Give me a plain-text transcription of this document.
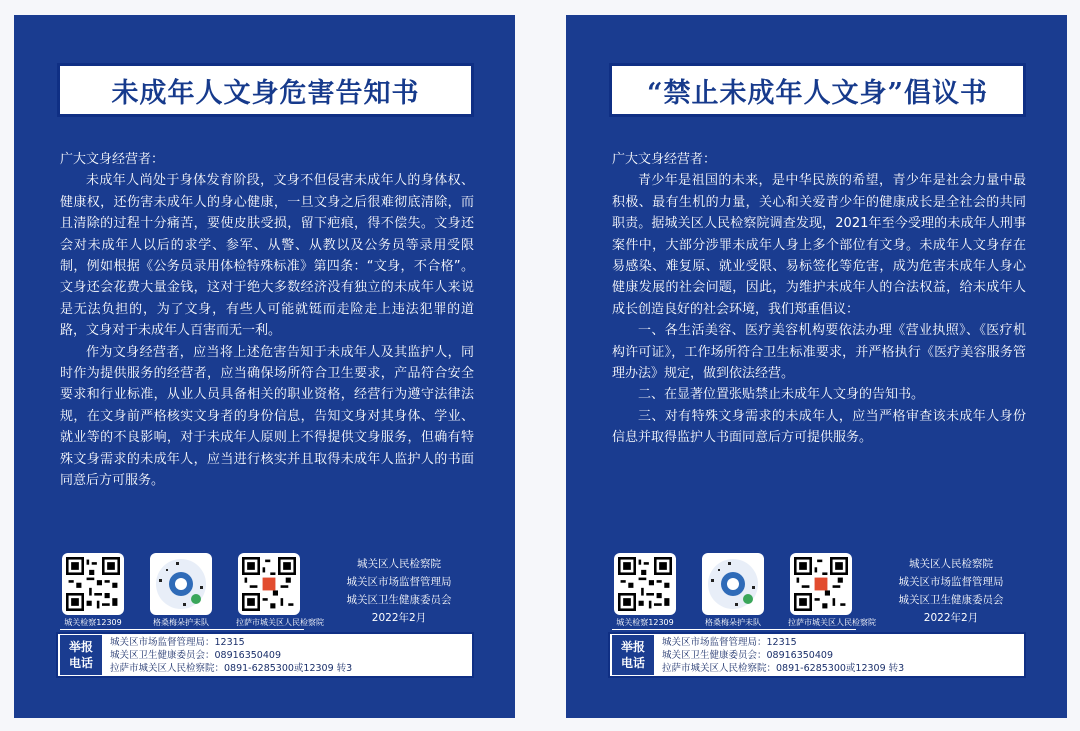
未成年人文身危害告知书

广大文身经营者：

未成年人尚处于身体发育阶段，文身不但侵害未成年人的身体权、健康权，还伤害未成年人的身心健康，一旦文身之后很难彻底清除，而且清除的过程十分痛苦，要使皮肤受损，留下疤痕，得不偿失。文身还会对未成年人以后的求学、参军、从警、从教以及公务员等录用受限制，例如根据《公务员录用体检特殊标准》第四条：“文身，不合格”。文身还会花费大量金钱，这对于绝大多数经济没有独立的未成年人来说是无法负担的，为了文身，有些人可能就铤而走险走上违法犯罪的道路，文身对于未成年人百害而无一利。

作为文身经营者，应当将上述危害告知于未成年人及其监护人，同时作为提供服务的经营者，应当确保场所符合卫生要求，产品符合安全要求和行业标准，从业人员具备相关的职业资格，经营行为遵守法律法规，在文身前严格核实文身者的身份信息，告知文身对其身体、学业、就业等的不良影响，对于未成年人原则上不得提供文身服务，但确有特殊文身需求的未成年人，应当进行核实并且取得未成年人监护人的书面同意后方可服务。

城关检察12309	格桑梅朵护未队	拉萨市城关区人民检察院
城关区人民检察院
城关区市场监督管理局
城关区卫生健康委员会
2022年2月
举报
电话
城关区市场监督管理局：12315
城关区卫生健康委员会：08916350409
拉萨市城关区人民检察院：0891-6285300或12309 转3
“禁止未成年人文身”倡议书

广大文身经营者：

青少年是祖国的未来，是中华民族的希望，青少年是社会力量中最积极、最有生机的力量，关心和关爱青少年的健康成长是全社会的共同职责。据城关区人民检察院调查发现，2021年至今受理的未成年人刑事案件中，大部分涉罪未成年人身上多个部位有文身。未成年人文身存在易感染、难复原、就业受限、易标签化等危害，成为危害未成年人身心健康发展的社会问题，因此，为维护未成年人的合法权益，给未成年人成长创造良好的社会环境，我们郑重倡议：

一、各生活美容、医疗美容机构要依法办理《营业执照》、《医疗机构许可证》，工作场所符合卫生标准要求，并严格执行《医疗美容服务管理办法》规定，做到依法经营。

二、在显著位置张贴禁止未成年人文身的告知书。

三、对有特殊文身需求的未成年人，应当严格审查该未成年人身份信息并取得监护人书面同意后方可提供服务。

城关检察12309	格桑梅朵护未队	拉萨市城关区人民检察院
城关区人民检察院
城关区市场监督管理局
城关区卫生健康委员会
2022年2月
举报
电话
城关区市场监督管理局：12315
城关区卫生健康委员会：08916350409
拉萨市城关区人民检察院：0891-6285300或12309 转3
